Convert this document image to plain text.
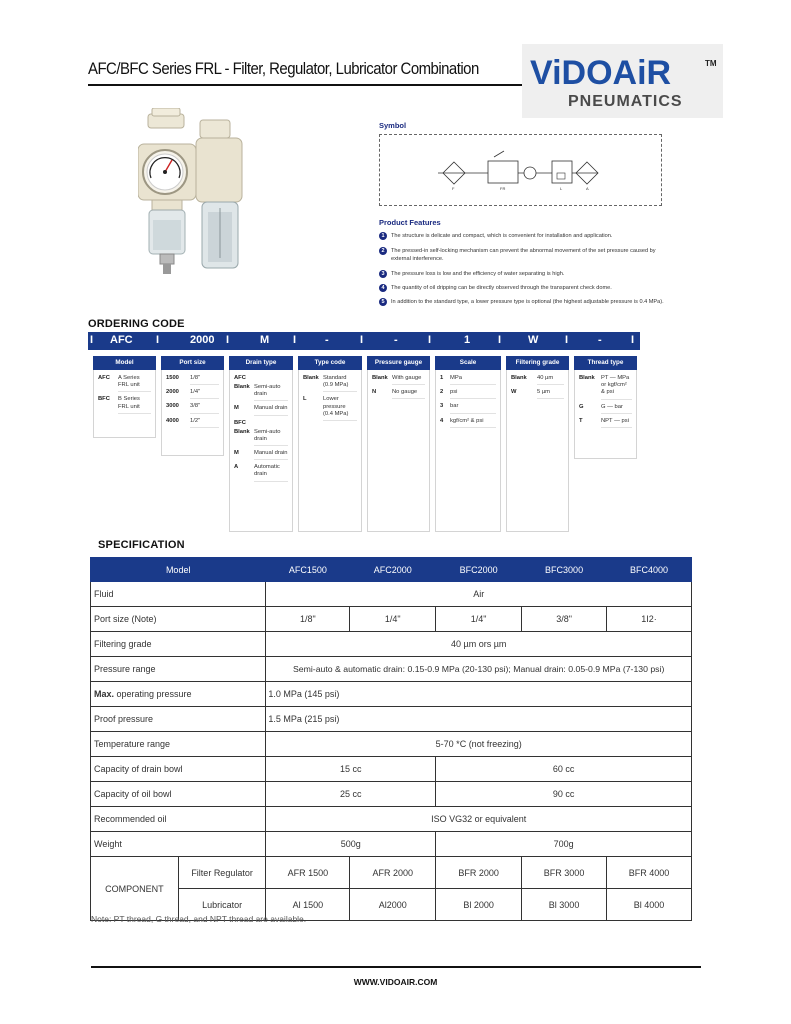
AFC/BFC Series FRL - Filter, Regulator, Lubricator Combination ViDOAiR	TM
PNEUMATICS
Symbol
F	FR	L	A
Product Features
1	The structure is delicate and compact, which is convenient for installation and application.
2	The pressed-in self-locking mechanism can prevent the abnormal movement of the set pressure caused by external interference.
3	The pressure loss is low and the efficiency of water separating is high.
4	The quantity of oil dripping can be directly observed through the transparent check dome.
5	In addition to the standard type, a lower pressure type is optional (the highest adjustable pressure is 0.4 MPa).
ORDERING CODE
I AFC I	2000 I	M I	-	I	-	I	1	I W I	-	I
Model
AFC	A Series FRL unit
BFC	B Series FRL unit
Port size
1500	1/8"
2000	1/4"
3000	3/8"
4000	1/2"
Drain type
AFC
Blank Semi-auto drain
M	Manual drain
BFC
Blank Semi-auto drain
M	Manual drain
A	Automatic drain
Type code
Blank Standard (0.9 MPa)
L	Lower pressure (0.4 MPa)
Pressure gauge
Blank With gauge
N	No gauge
Scale
1	MPa
2	psi
3	bar
4	kgf/cm² & psi
Filtering grade
Blank	40 µm
W	5 µm
Thread type
Blank	PT — MPa or kgf/cm² & psi
G	G — bar
T	NPT — psi
SPECIFICATION
Model		AFC1500	AFC2000	BFC2000	BFC3000	BFC4000
Fluid		Air				
Port size (Note)		1/8"	1/4"	1/4"	3/8"	1I2·
Filtering grade		40 µm ors µm				
Pressure range		Semi-auto & automatic drain: 0.15-0.9 MPa (20-130 psi); Manual drain: 0.05-0.9 MPa (7-130 psi)				
Max. operating pressure		1.0 MPa (145 psi)				
Proof pressure		1.5 MPa (215 psi)				
Temperature range		5-70 *C (not freezing)				
Capacity of drain bowl		15 cc		60 cc		
Capacity of oil bowl		25 cc		90 cc		
Recommended oil		ISO VG32 or equivalent				
Weight		500g		700g		
COMPONENT	Filter Regulator	AFR 1500	AFR 2000	BFR 2000	BFR 3000	BFR 4000
	Lubricator	Al 1500	Al2000	Bl 2000	Bl 3000	Bl 4000
Note: PT thread, G thread, and NPT thread are available.
WWW.VIDOAIR.COM
